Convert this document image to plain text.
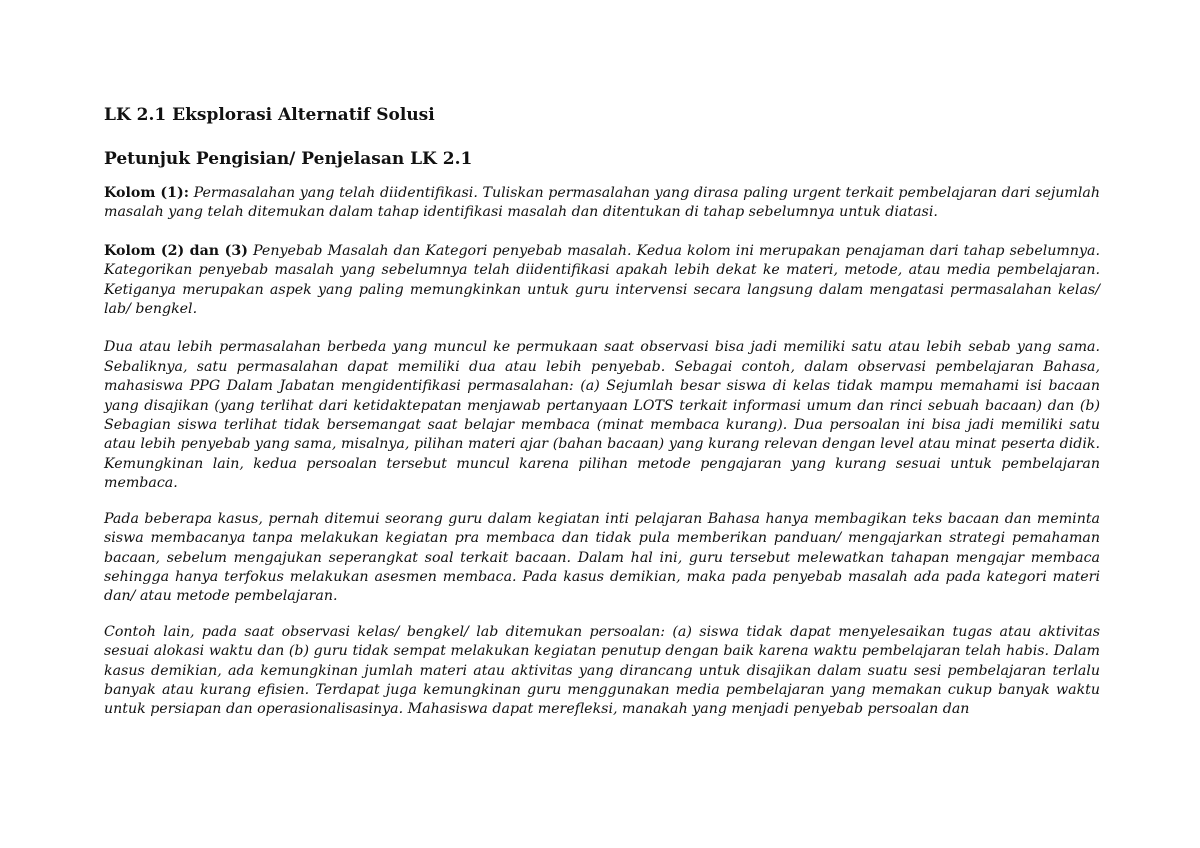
LK 2.1 Eksplorasi Alternatif Solusi
Petunjuk Pengisian/ Penjelasan LK 2.1

Kolom (1): Permasalahan yang telah diidentifikasi. Tuliskan permasalahan yang dirasa paling urgent terkait pembelajaran dari sejumlah masalah yang telah ditemukan dalam tahap identifikasi masalah dan ditentukan di tahap sebelumnya untuk diatasi.

Kolom (2) dan (3) Penyebab Masalah dan Kategori penyebab masalah. Kedua kolom ini merupakan penajaman dari tahap sebelumnya. Kategorikan penyebab masalah yang sebelumnya telah diidentifikasi apakah lebih dekat ke materi, metode, atau media pembelajaran. Ketiganya merupakan aspek yang paling memungkinkan untuk guru intervensi secara langsung dalam mengatasi permasalahan kelas/ lab/ bengkel.

Dua atau lebih permasalahan berbeda yang muncul ke permukaan saat observasi bisa jadi memiliki satu atau lebih sebab yang sama. Sebaliknya, satu permasalahan dapat memiliki dua atau lebih penyebab. Sebagai contoh, dalam observasi pembelajaran Bahasa, mahasiswa PPG Dalam Jabatan mengidentifikasi permasalahan: (a) Sejumlah besar siswa di kelas tidak mampu memahami isi bacaan yang disajikan (yang terlihat dari ketidaktepatan menjawab pertanyaan LOTS terkait informasi umum dan rinci sebuah bacaan) dan (b) Sebagian siswa terlihat tidak bersemangat saat belajar membaca (minat membaca kurang). Dua persoalan ini bisa jadi memiliki satu atau lebih penyebab yang sama, misalnya, pilihan materi ajar (bahan bacaan) yang kurang relevan dengan level atau minat peserta didik. Kemungkinan lain, kedua persoalan tersebut muncul karena pilihan metode pengajaran yang kurang sesuai untuk pembelajaran membaca.

Pada beberapa kasus, pernah ditemui seorang guru dalam kegiatan inti pelajaran Bahasa hanya membagikan teks bacaan dan meminta siswa membacanya tanpa melakukan kegiatan pra membaca dan tidak pula memberikan panduan/ mengajarkan strategi pemahaman bacaan, sebelum mengajukan seperangkat soal terkait bacaan. Dalam hal ini, guru tersebut melewatkan tahapan mengajar membaca sehingga hanya terfokus melakukan asesmen membaca. Pada kasus demikian, maka pada penyebab masalah ada pada kategori materi dan/ atau metode pembelajaran.

Contoh lain, pada saat observasi kelas/ bengkel/ lab ditemukan persoalan: (a) siswa tidak dapat menyelesaikan tugas atau aktivitas sesuai alokasi waktu dan (b) guru tidak sempat melakukan kegiatan penutup dengan baik karena waktu pembelajaran telah habis. Dalam kasus demikian, ada kemungkinan jumlah materi atau aktivitas yang dirancang untuk disajikan dalam suatu sesi pembelajaran terlalu banyak atau kurang efisien. Terdapat juga kemungkinan guru menggunakan media pembelajaran yang memakan cukup banyak waktu untuk persiapan dan operasionalisasinya. Mahasiswa dapat merefleksi, manakah yang menjadi penyebab persoalan dan
